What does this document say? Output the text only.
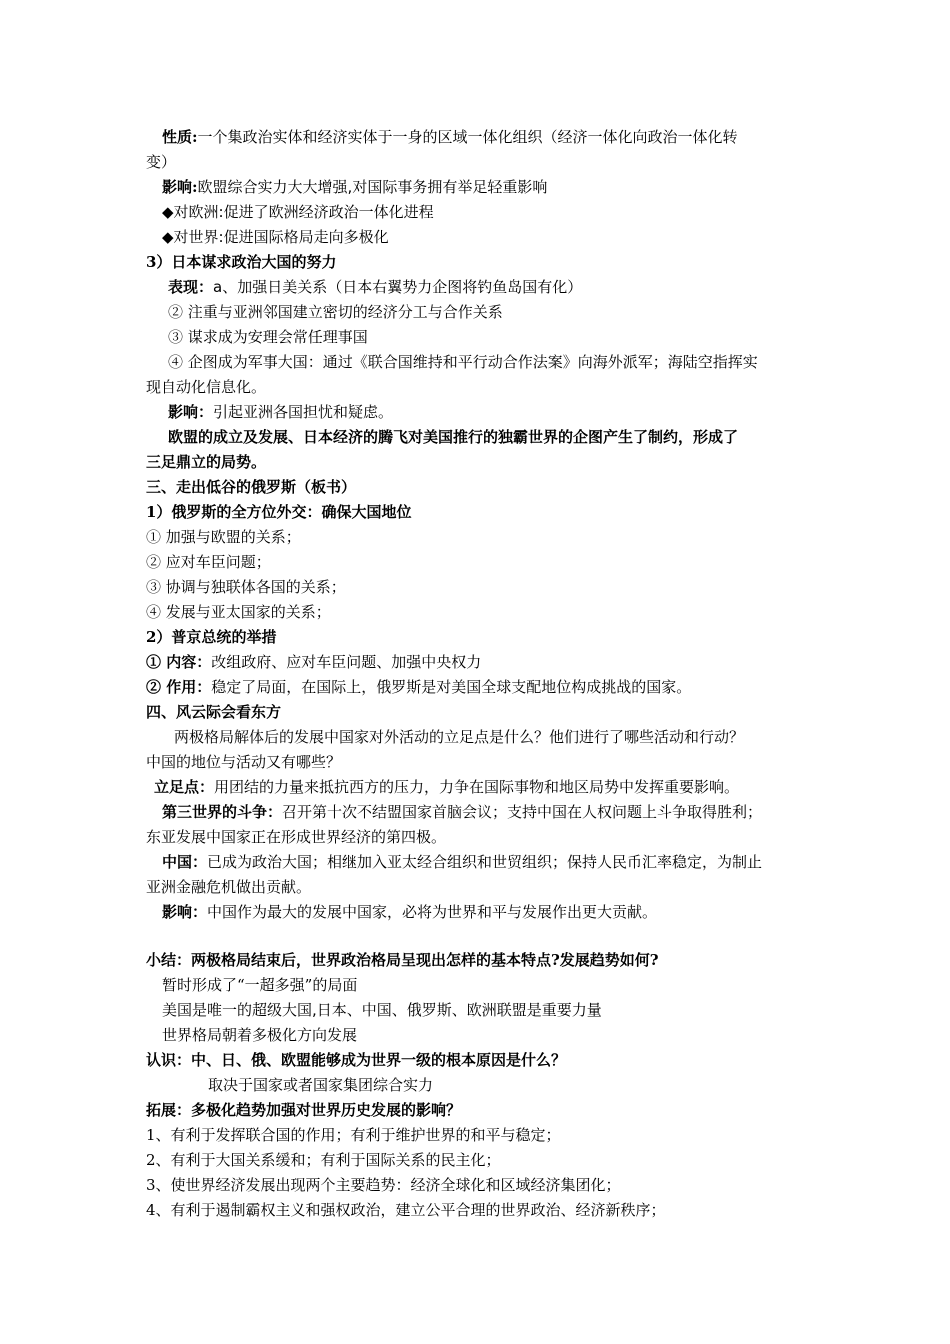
性质:一个集政治实体和经济实体于一身的区域一体化组织（经济一体化向政治一体化转
变）
影响:欧盟综合实力大大增强,对国际事务拥有举足轻重影响
◆对欧洲:促进了欧洲经济政治一体化进程
◆对世界:促进国际格局走向多极化
3）日本谋求政治大国的努力
表现：a、加强日美关系（日本右翼势力企图将钓鱼岛国有化）
② 注重与亚洲邻国建立密切的经济分工与合作关系
③ 谋求成为安理会常任理事国
④ 企图成为军事大国：通过《联合国维持和平行动合作法案》向海外派军；海陆空指挥实
现自动化信息化。
影响：引起亚洲各国担忧和疑虑。
欧盟的成立及发展、日本经济的腾飞对美国推行的独霸世界的企图产生了制约，形成了
三足鼎立的局势。
三、走出低谷的俄罗斯（板书）
1）俄罗斯的全方位外交：确保大国地位
① 加强与欧盟的关系；
② 应对车臣问题；
③ 协调与独联体各国的关系；
④ 发展与亚太国家的关系；
2）普京总统的举措
① 内容：改组政府、应对车臣问题、加强中央权力
② 作用：稳定了局面，在国际上，俄罗斯是对美国全球支配地位构成挑战的国家。
四、风云际会看东方
两极格局解体后的发展中国家对外活动的立足点是什么？他们进行了哪些活动和行动？
中国的地位与活动又有哪些？
立足点：用团结的力量来抵抗西方的压力，力争在国际事物和地区局势中发挥重要影响。
第三世界的斗争：召开第十次不结盟国家首脑会议；支持中国在人权问题上斗争取得胜利；
东亚发展中国家正在形成世界经济的第四极。
中国：已成为政治大国；相继加入亚太经合组织和世贸组织；保持人民币汇率稳定，为制止
亚洲金融危机做出贡献。
影响：中国作为最大的发展中国家，必将为世界和平与发展作出更大贡献。
小结：两极格局结束后，世界政治格局呈现出怎样的基本特点?发展趋势如何?
暂时形成了“一超多强”的局面
美国是唯一的超级大国,日本、中国、俄罗斯、欧洲联盟是重要力量
世界格局朝着多极化方向发展
认识：中、日、俄、欧盟能够成为世界一级的根本原因是什么？
取决于国家或者国家集团综合实力
拓展：多极化趋势加强对世界历史发展的影响？
1、有利于发挥联合国的作用；有利于维护世界的和平与稳定；
2、有利于大国关系缓和；有利于国际关系的民主化；
3、使世界经济发展出现两个主要趋势：经济全球化和区域经济集团化；
4、有利于遏制霸权主义和强权政治，建立公平合理的世界政治、经济新秩序；
